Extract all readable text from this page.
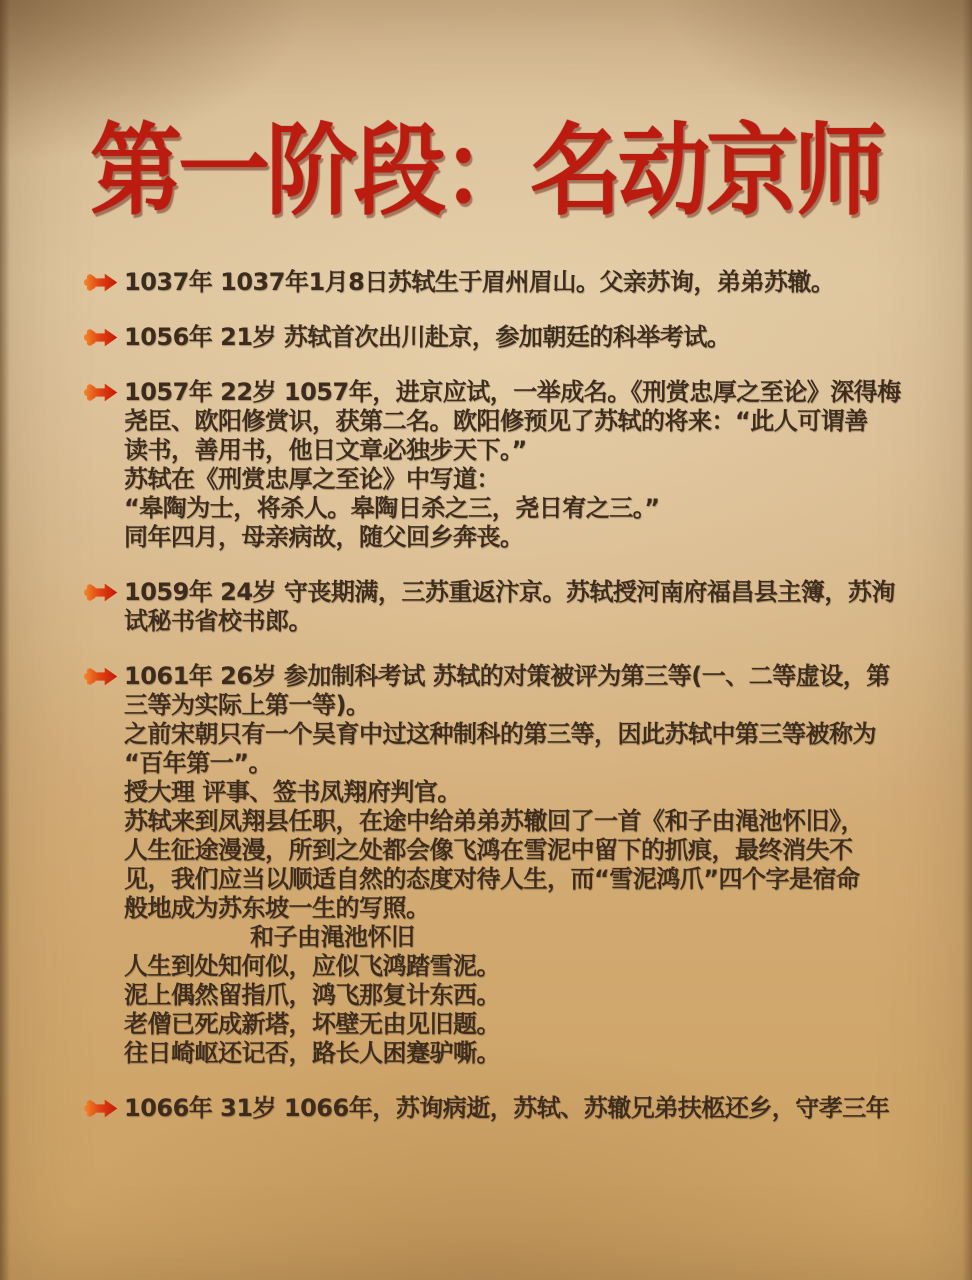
第一阶段：名动京师
1037年 1037年1月8日苏轼生于眉州眉山。父亲苏询，弟弟苏辙。
1056年 21岁 苏轼首次出川赴京，参加朝廷的科举考试。
1057年 22岁 1057年，进京应试，一举成名。《刑赏忠厚之至论》深得梅
尧臣、欧阳修赏识，获第二名。欧阳修预见了苏轼的将来：“此人可谓善
读书，善用书，他日文章必独步天下。”
苏轼在《刑赏忠厚之至论》中写道：
“皋陶为士，将杀人。皋陶日杀之三，尧日宥之三。”
同年四月，母亲病故，随父回乡奔丧。
1059年 24岁 守丧期满，三苏重返汴京。苏轼授河南府福昌县主簿，苏洵
试秘书省校书郎。
1061年 26岁 参加制科考试 苏轼的对策被评为第三等(一、二等虚设，第
三等为实际上第一等)。
之前宋朝只有一个吴育中过这种制科的第三等，因此苏轼中第三等被称为
“百年第一”。
授大理 评事、签书凤翔府判官。
苏轼来到凤翔县任职，在途中给弟弟苏辙回了一首《和子由渑池怀旧》，
人生征途漫漫，所到之处都会像飞鸿在雪泥中留下的抓痕，最终消失不
见，我们应当以顺适自然的态度对待人生，而“雪泥鸿爪”四个字是宿命
般地成为苏东坡一生的写照。
和子由渑池怀旧
人生到处知何似，应似飞鸿踏雪泥。
泥上偶然留指爪，鸿飞那复计东西。
老僧已死成新塔，坏壁无由见旧题。
往日崎岖还记否，路长人困蹇驴嘶。
1066年 31岁 1066年，苏询病逝，苏轼、苏辙兄弟扶柩还乡，守孝三年
